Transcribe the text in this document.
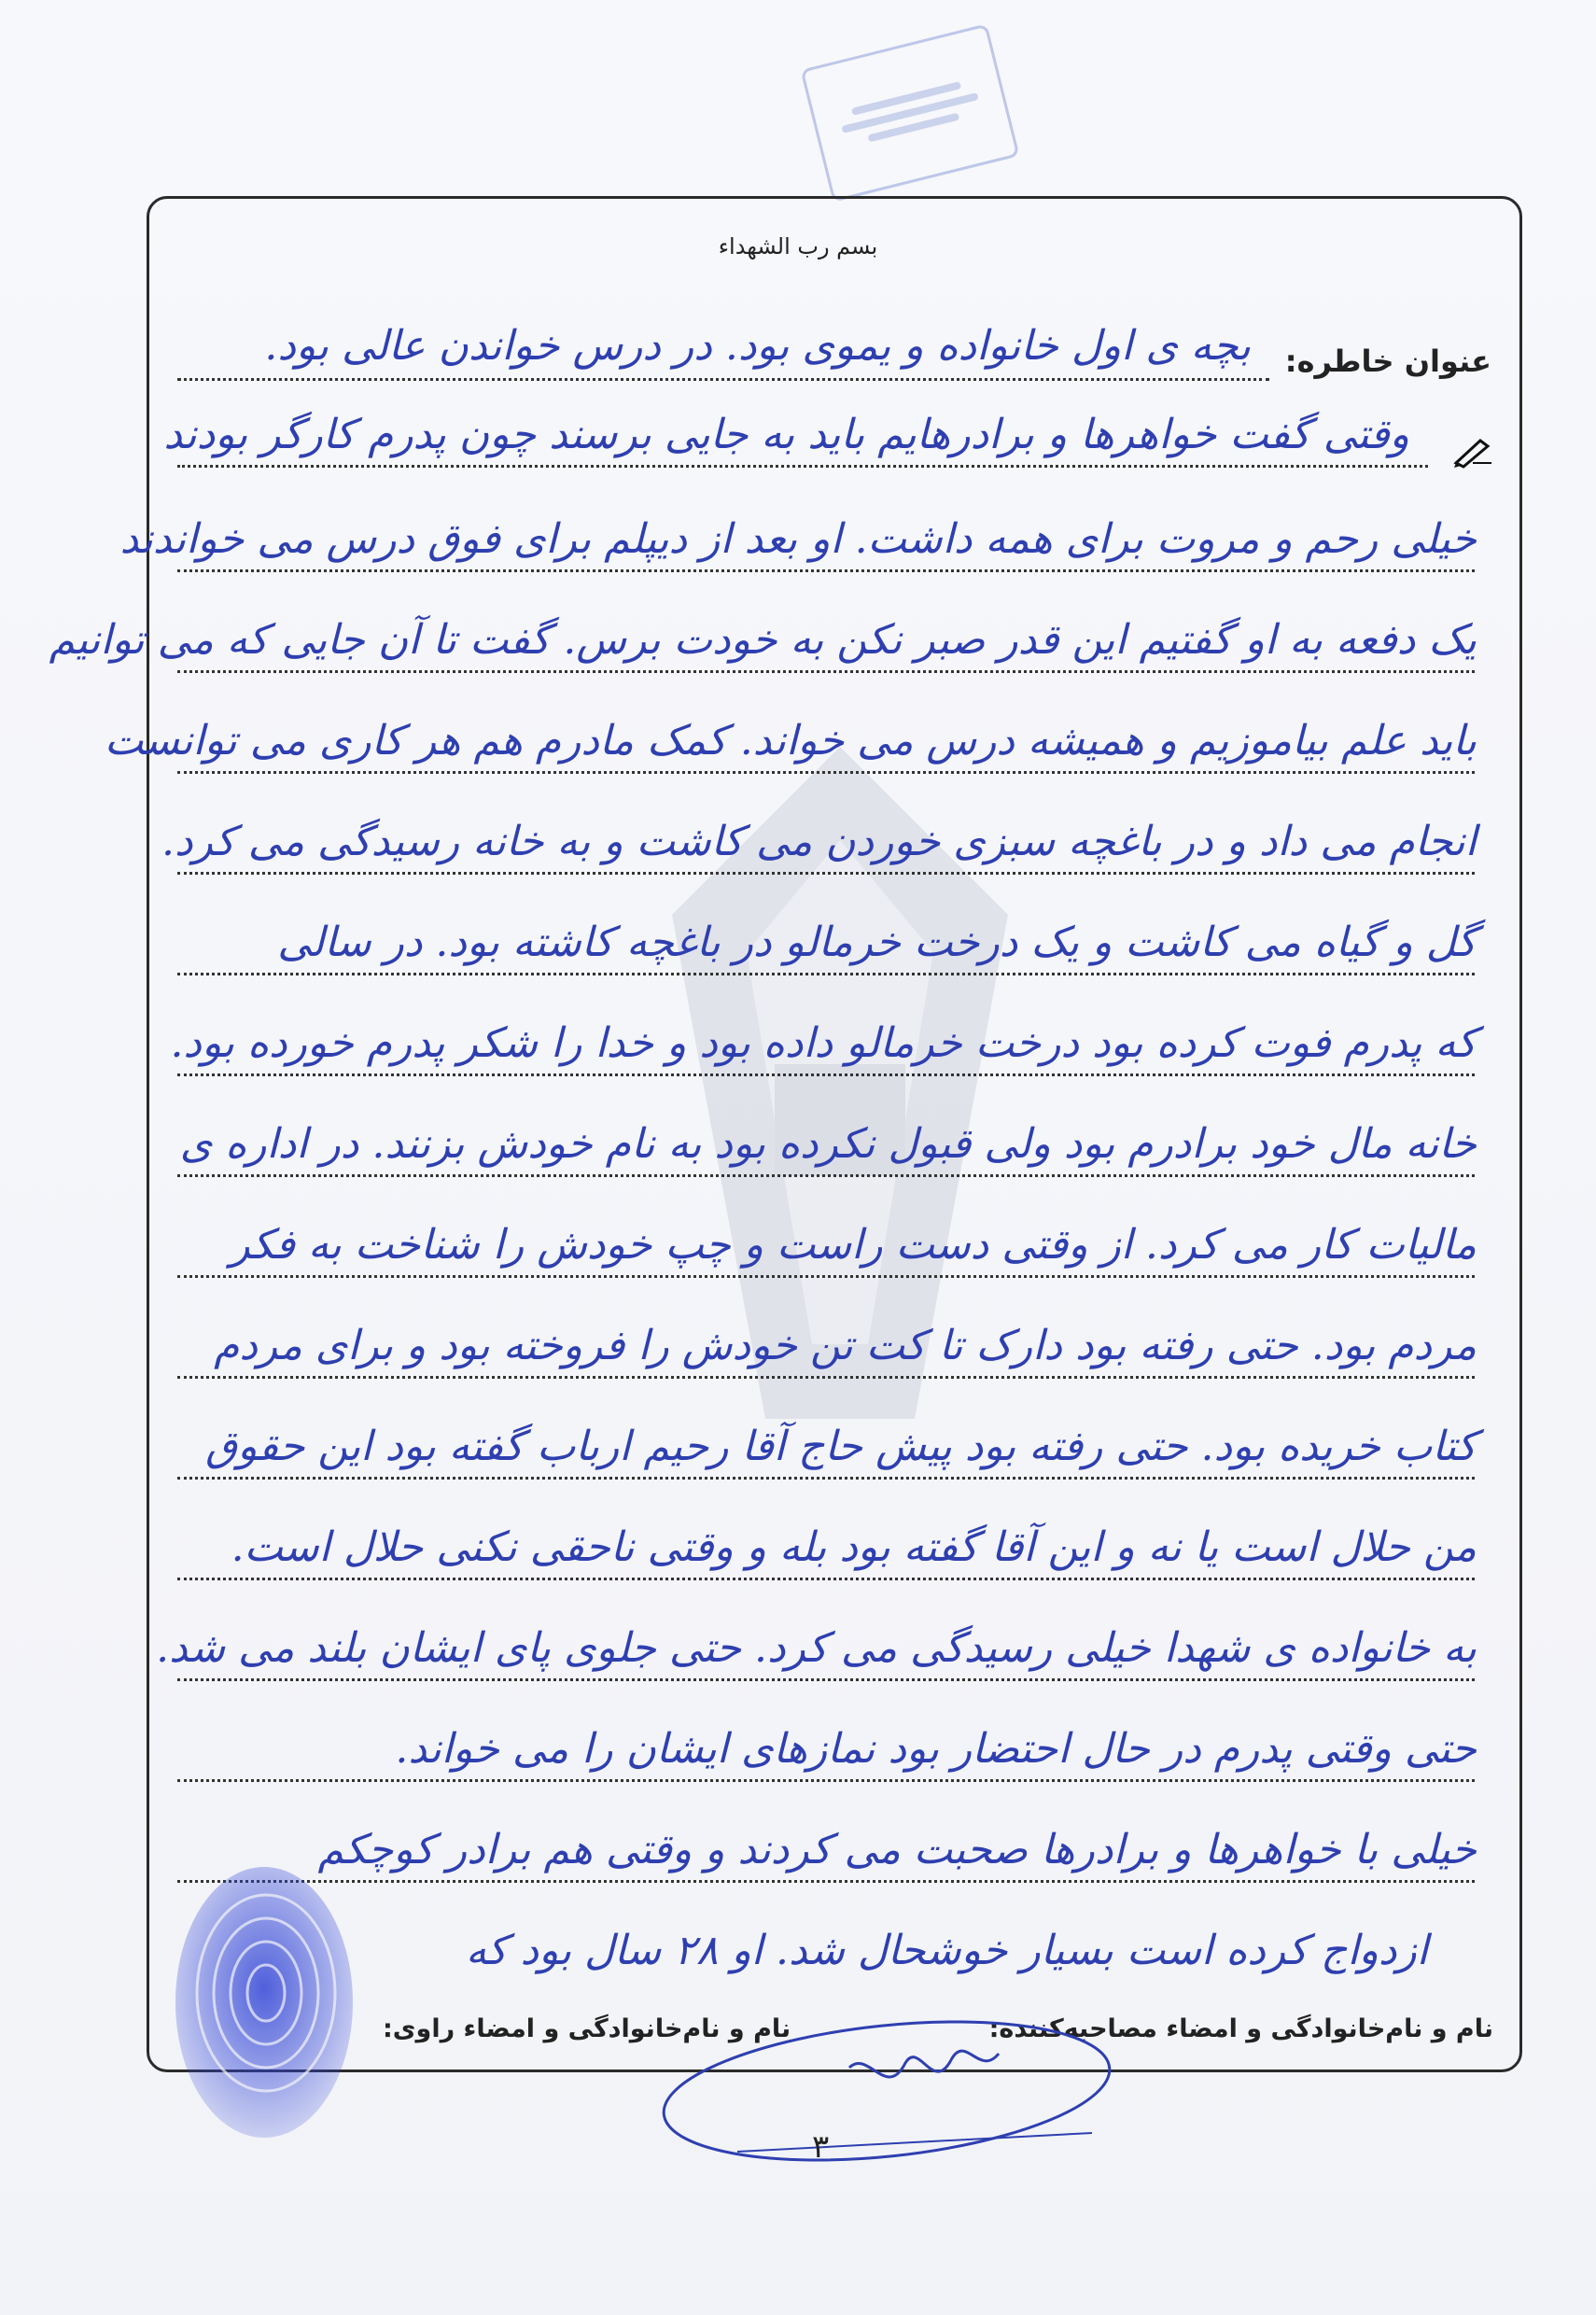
بسم رب الشهداء
عنوان خاطره:
بچه ی اول خانواده و یموی بود. در درس خواندن عالی بود.
وقتی گفت خواهرها و برادرهایم باید به جایی برسند چون پدرم کارگر بودند
خیلی رحم و مروت برای همه داشت. او بعد از دیپلم برای فوق درس می خواندند
یک دفعه به او گفتیم این قدر صبر نکن به خودت برس. گفت تا آن جایی که می توانیم
باید علم بیاموزیم و همیشه درس می خواند. کمک مادرم هم هر کاری می توانست
انجام می داد و در باغچه سبزی خوردن می کاشت و به خانه رسیدگی می کرد.
گل و گیاه می کاشت و یک درخت خرمالو در باغچه کاشته بود. در سالی
که پدرم فوت کرده بود درخت خرمالو داده بود و خدا را شکر پدرم خورده بود.
خانه مال خود برادرم بود ولی قبول نکرده بود به نام خودش بزنند. در اداره ی
مالیات کار می کرد. از وقتی دست راست و چپ خودش را شناخت به فکر
مردم بود. حتی رفته بود دارک تا کت تن خودش را فروخته بود و برای مردم
کتاب خریده بود. حتی رفته بود پیش حاج آقا رحیم ارباب گفته بود این حقوق
من حلال است یا نه و این آقا گفته بود بله و وقتی ناحقی نکنی حلال است.
به خانواده ی شهدا خیلی رسیدگی می کرد. حتی جلوی پای ایشان بلند می شد.
حتی وقتی پدرم در حال احتضار بود نمازهای ایشان را می خواند.
خیلی با خواهرها و برادرها صحبت می کردند و وقتی هم برادر کوچکم
ازدواج کرده است بسیار خوشحال شد. او ۲۸ سال بود که
نام و نام‌خانوادگی و امضاء مصاحبه‌کننده:
نام و نام‌خانوادگی و امضاء راوی:
۳
